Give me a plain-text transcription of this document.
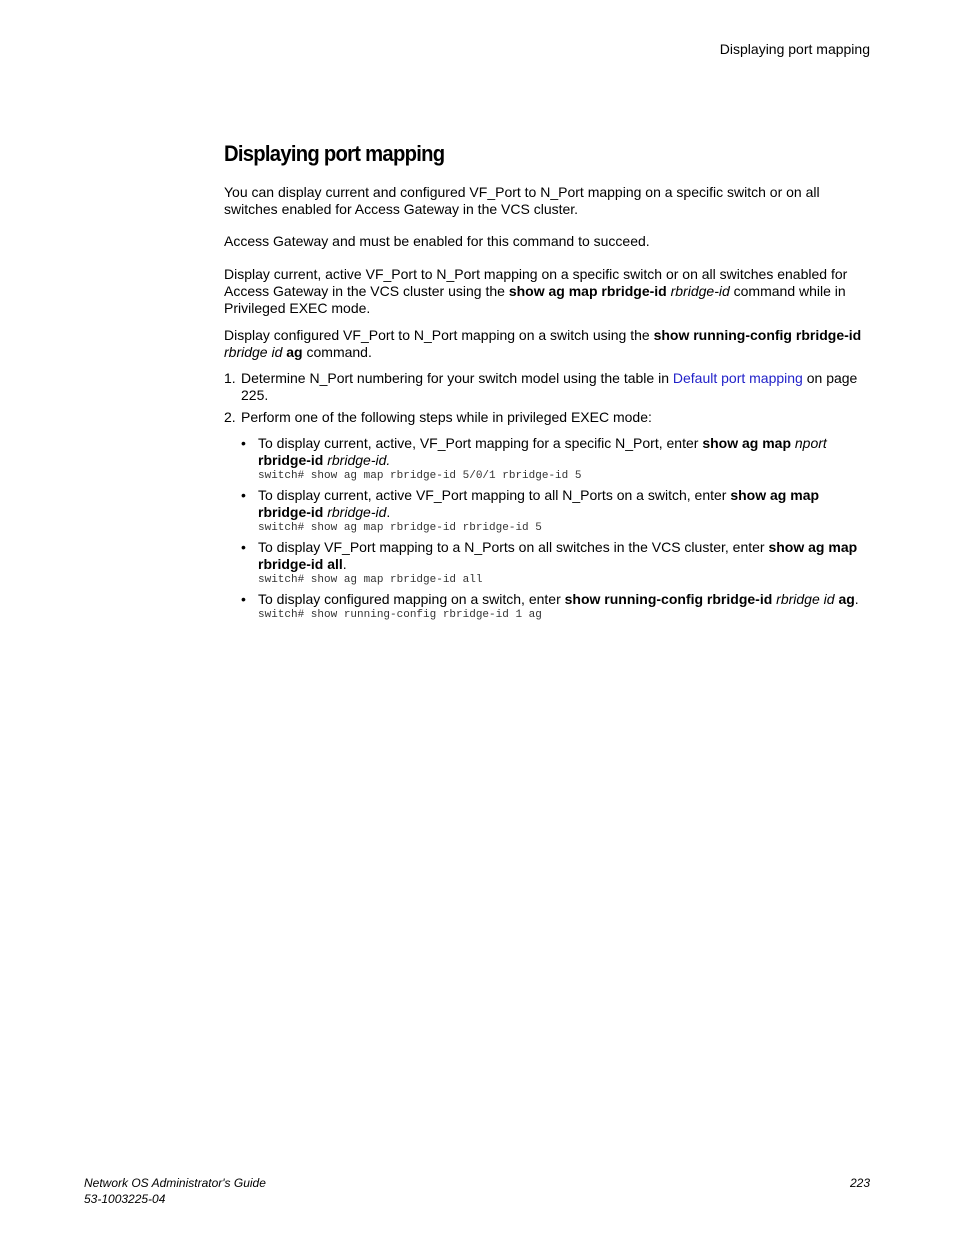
Displaying port mapping
Displaying port mapping

You can display current and configured VF_Port to N_Port mapping on a specific switch or on all switches enabled for Access Gateway in the VCS cluster.

Access Gateway and must be enabled for this command to succeed.

Display current, active VF_Port to N_Port mapping on a specific switch or on all switches enabled for Access Gateway in the VCS cluster using the show ag map rbridge-id rbridge-id command while in Privileged EXEC mode.

Display configured VF_Port to N_Port mapping on a switch using the show running-config rbridge-id rbridge id ag command.

1. Determine N_Port numbering for your switch model using the table in Default port mapping on page 225.
2. Perform one of the following steps while in privileged EXEC mode:
• To display current, active, VF_Port mapping for a specific N_Port, enter show ag map nport rbridge-id rbridge-id.
switch# show ag map rbridge-id 5/0/1 rbridge-id 5
• To display current, active VF_Port mapping to all N_Ports on a switch, enter show ag map rbridge-id rbridge-id.
switch# show ag map rbridge-id rbridge-id 5
• To display VF_Port mapping to a N_Ports on all switches in the VCS cluster, enter show ag map rbridge-id all.
switch# show ag map rbridge-id all
• To display configured mapping on a switch, enter show running-config rbridge-id rbridge id ag.
switch# show running-config rbridge-id 1 ag
Network OS Administrator's Guide
53-1003225-04
223
